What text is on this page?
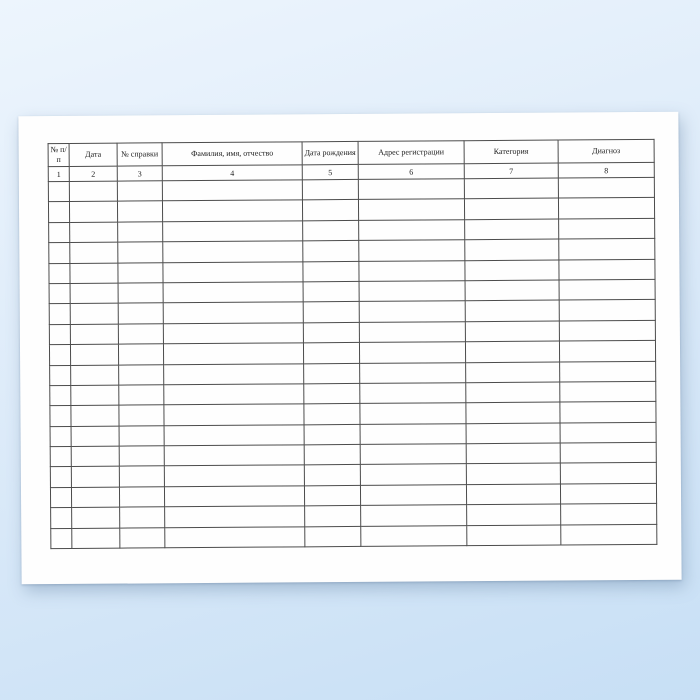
№ п/п	Дата	№ справки	Фамилия, имя, отчество	Дата рождения	Адрес регистрации	Категория	Диагноз
1	2	3	4	5	6	7	8
